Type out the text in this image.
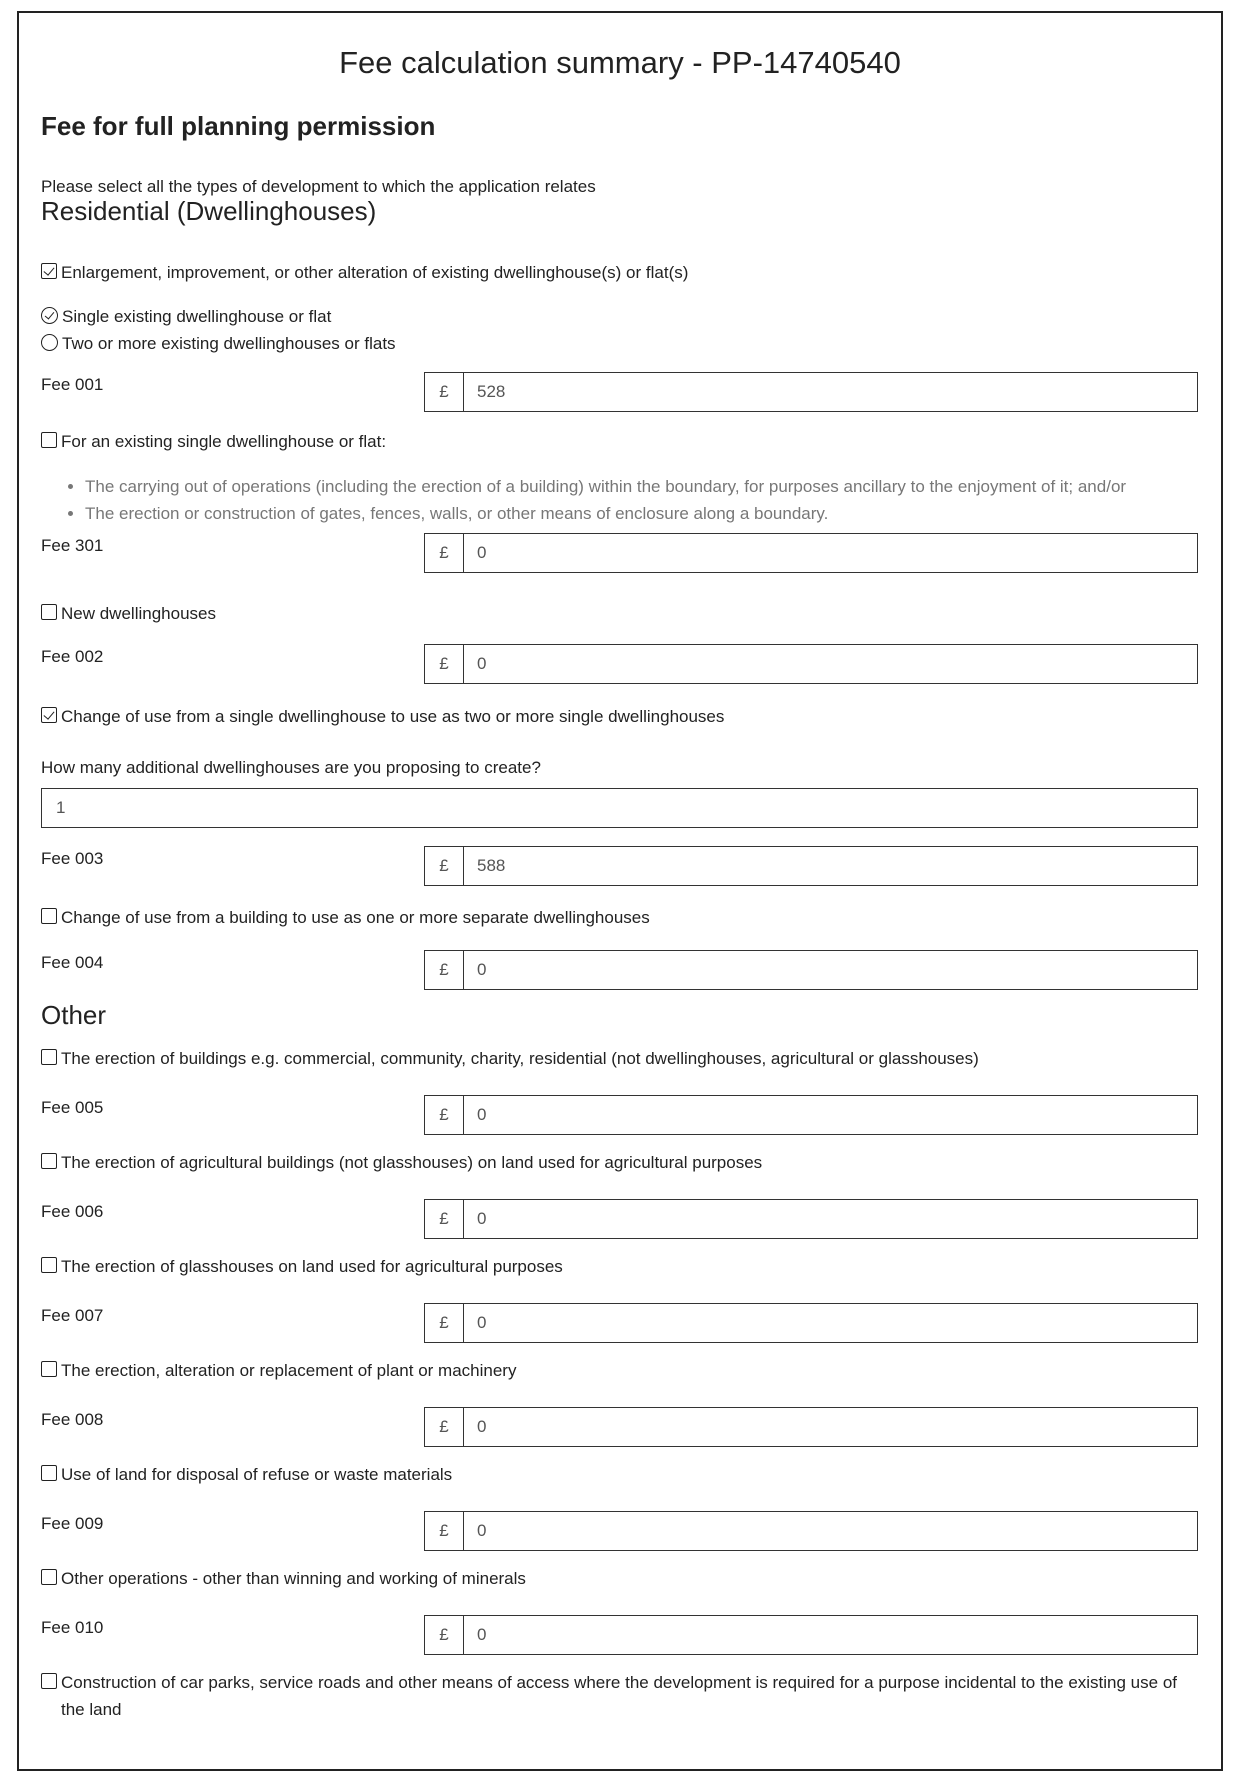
Fee calculation summary - PP-14740540
Fee for full planning permission
Please select all the types of development to which the application relates
Residential (Dwellinghouses)
Enlargement, improvement, or other alteration of existing dwellinghouse(s) or flat(s)
Single existing dwellinghouse or flat
Two or more existing dwellinghouses or flats
Fee 001	£	528
For an existing single dwellinghouse or flat:
• The carrying out of operations (including the erection of a building) within the boundary, for purposes ancillary to the enjoyment of it; and/or
• The erection or construction of gates, fences, walls, or other means of enclosure along a boundary.
Fee 301	£	0
New dwellinghouses
Fee 002	£	0
Change of use from a single dwellinghouse to use as two or more single dwellinghouses
How many additional dwellinghouses are you proposing to create?
1
Fee 003	£	588
Change of use from a building to use as one or more separate dwellinghouses
Fee 004	£	0
Other
The erection of buildings e.g. commercial, community, charity, residential (not dwellinghouses, agricultural or glasshouses)
Fee 005	£	0
The erection of agricultural buildings (not glasshouses) on land used for agricultural purposes
Fee 006	£	0
The erection of glasshouses on land used for agricultural purposes
Fee 007	£	0
The erection, alteration or replacement of plant or machinery
Fee 008	£	0
Use of land for disposal of refuse or waste materials
Fee 009	£	0
Other operations - other than winning and working of minerals
Fee 010	£	0
Construction of car parks, service roads and other means of access where the development is required for a purpose incidental to the existing use of the land
